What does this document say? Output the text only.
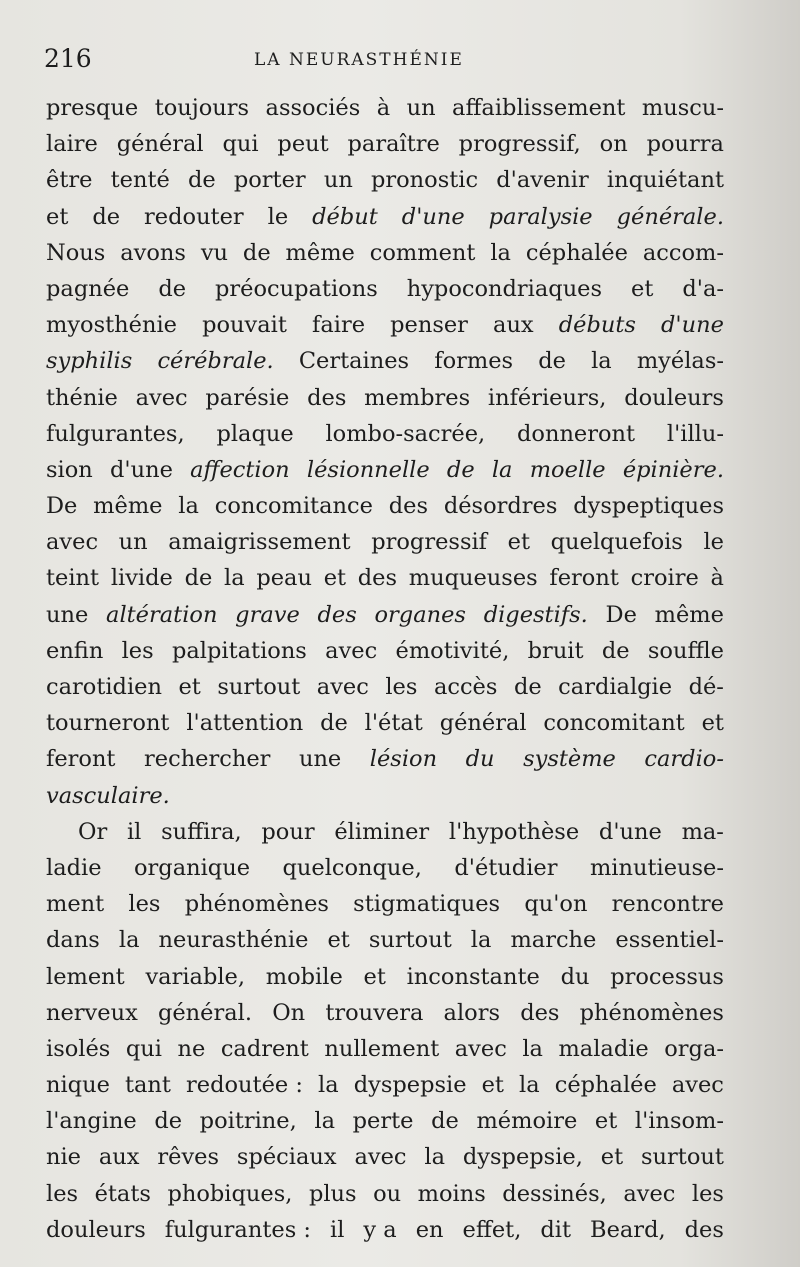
216	LA NEURASTHÉNIE
presque toujours associés à un affaiblissement muscu-
laire général qui peut paraître progressif, on pourra
être tenté de porter un pronostic d'avenir inquiétant
et de redouter le début d'une paralysie générale.
Nous avons vu de même comment la céphalée accom-
pagnée de préocupations hypocondriaques et d'a-
myosthénie pouvait faire penser aux débuts d'une
syphilis cérébrale. Certaines formes de la myélas-
thénie avec parésie des membres inférieurs, douleurs
fulgurantes, plaque lombo-sacrée, donneront l'illu-
sion d'une affection lésionnelle de la moelle épinière.
De même la concomitance des désordres dyspeptiques
avec un amaigrissement progressif et quelquefois le
teint livide de la peau et des muqueuses feront croire à
une altération grave des organes digestifs. De même
enfin les palpitations avec émotivité, bruit de souffle
carotidien et surtout avec les accès de cardialgie dé-
tourneront l'attention de l'état général concomitant et
feront rechercher une lésion du système cardio-
vasculaire.
Or il suffira, pour éliminer l'hypothèse d'une ma-
ladie organique quelconque, d'étudier minutieuse-
ment les phénomènes stigmatiques qu'on rencontre
dans la neurasthénie et surtout la marche essentiel-
lement variable, mobile et inconstante du processus
nerveux général. On trouvera alors des phénomènes
isolés qui ne cadrent nullement avec la maladie orga-
nique tant redoutée : la dyspepsie et la céphalée avec
l'angine de poitrine, la perte de mémoire et l'insom-
nie aux rêves spéciaux avec la dyspepsie, et surtout
les états phobiques, plus ou moins dessinés, avec les
douleurs fulgurantes : il y a en effet, dit Beard, des
